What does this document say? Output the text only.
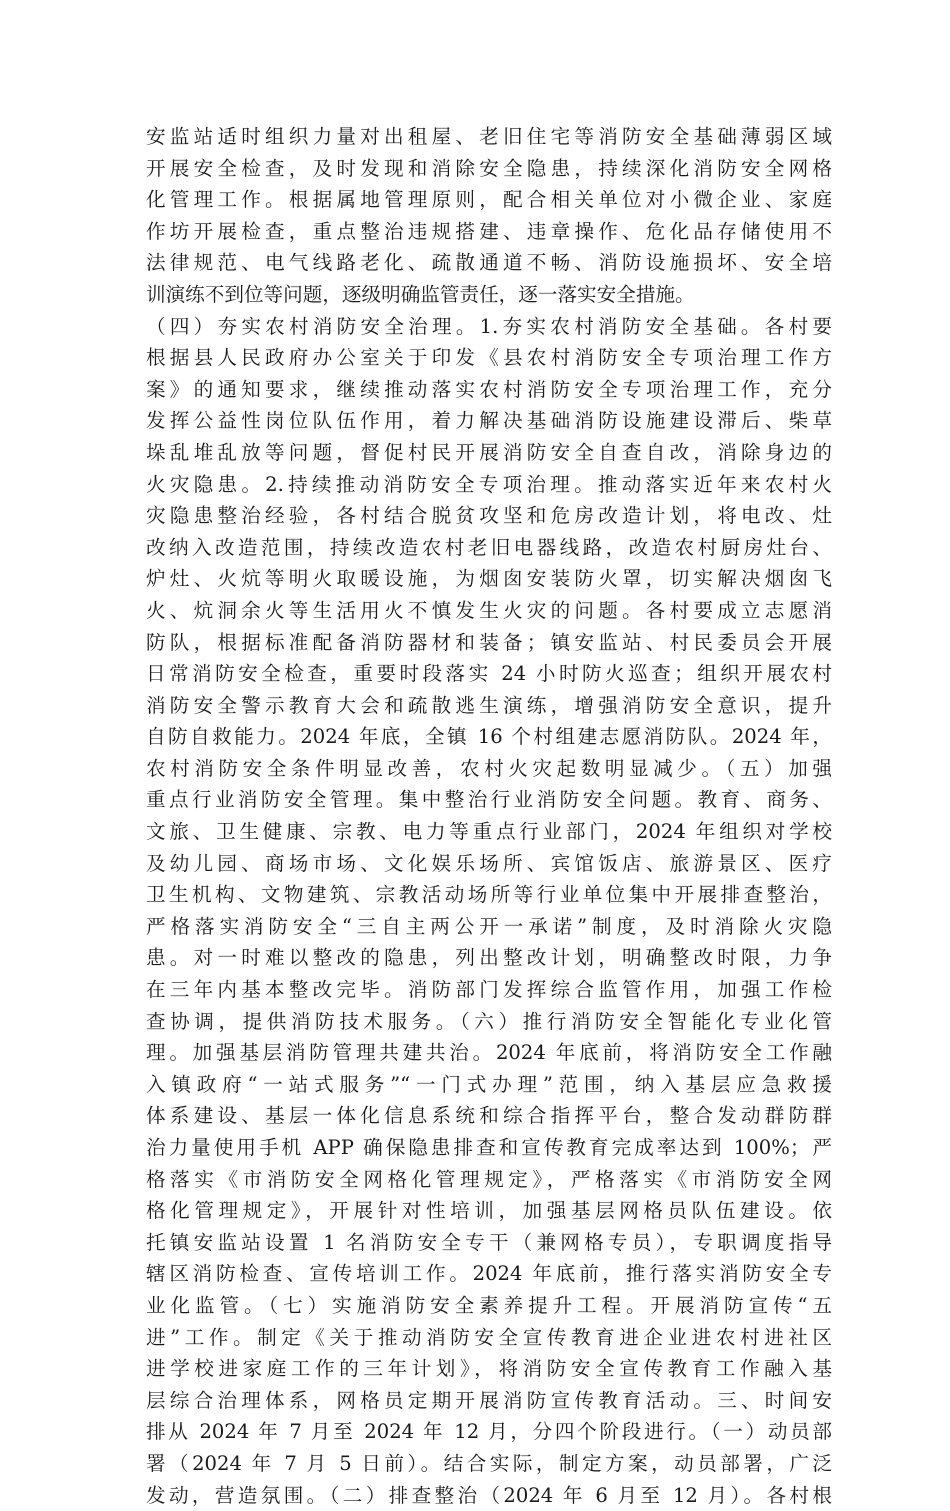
安监站适时组织力量对出租屋、老旧住宅等消防安全基础薄弱区域
开展安全检查，及时发现和消除安全隐患，持续深化消防安全网格
化管理工作。根据属地管理原则，配合相关单位对小微企业、家庭
作坊开展检查，重点整治违规搭建、违章操作、危化品存储使用不
法律规范、电气线路老化、疏散通道不畅、消防设施损坏、安全培
训演练不到位等问题，逐级明确监管责任，逐一落实安全措施。
（四）夯实农村消防安全治理。1.夯实农村消防安全基础。各村要
根据县人民政府办公室关于印发《县农村消防安全专项治理工作方
案》的通知要求，继续推动落实农村消防安全专项治理工作，充分
发挥公益性岗位队伍作用，着力解决基础消防设施建设滞后、柴草
垛乱堆乱放等问题，督促村民开展消防安全自查自改，消除身边的
火灾隐患。2.持续推动消防安全专项治理。推动落实近年来农村火
灾隐患整治经验，各村结合脱贫攻坚和危房改造计划，将电改、灶
改纳入改造范围，持续改造农村老旧电器线路，改造农村厨房灶台、
炉灶、火炕等明火取暖设施，为烟囱安装防火罩，切实解决烟囱飞
火、炕洞余火等生活用火不慎发生火灾的问题。各村要成立志愿消
防队，根据标准配备消防器材和装备；镇安监站、村民委员会开展
日常消防安全检查，重要时段落实 24 小时防火巡查；组织开展农村
消防安全警示教育大会和疏散逃生演练，增强消防安全意识，提升
自防自救能力。2024 年底，全镇 16 个村组建志愿消防队。2024 年，
农村消防安全条件明显改善，农村火灾起数明显减少。（五）加强
重点行业消防安全管理。集中整治行业消防安全问题。教育、商务、
文旅、卫生健康、宗教、电力等重点行业部门，2024 年组织对学校
及幼儿园、商场市场、文化娱乐场所、宾馆饭店、旅游景区、医疗
卫生机构、文物建筑、宗教活动场所等行业单位集中开展排查整治，
严格落实消防安全“三自主两公开一承诺”制度，及时消除火灾隐
患。对一时难以整改的隐患，列出整改计划，明确整改时限，力争
在三年内基本整改完毕。消防部门发挥综合监管作用，加强工作检
查协调，提供消防技术服务。（六）推行消防安全智能化专业化管
理。加强基层消防管理共建共治。2024 年底前，将消防安全工作融
入镇政府“一站式服务”“一门式办理”范围，纳入基层应急救援
体系建设、基层一体化信息系统和综合指挥平台，整合发动群防群
治力量使用手机 APP 确保隐患排查和宣传教育完成率达到 100%；严
格落实《市消防安全网格化管理规定》，严格落实《市消防安全网
格化管理规定》，开展针对性培训，加强基层网格员队伍建设。依
托镇安监站设置 1 名消防安全专干（兼网格专员），专职调度指导
辖区消防检查、宣传培训工作。2024 年底前，推行落实消防安全专
业化监管。（七）实施消防安全素养提升工程。开展消防宣传“五
进”工作。制定《关于推动消防安全宣传教育进企业进农村进社区
进学校进家庭工作的三年计划》，将消防安全宣传教育工作融入基
层综合治理体系，网格员定期开展消防宣传教育活动。三、时间安
排从 2024 年 7 月至 2024 年 12 月，分四个阶段进行。（一）动员部
署（2024 年 7 月 5 日前）。结合实际，制定方案，动员部署，广泛
发动，营造氛围。（二）排查整治（2024 年 6 月至 12 月）。各村根
